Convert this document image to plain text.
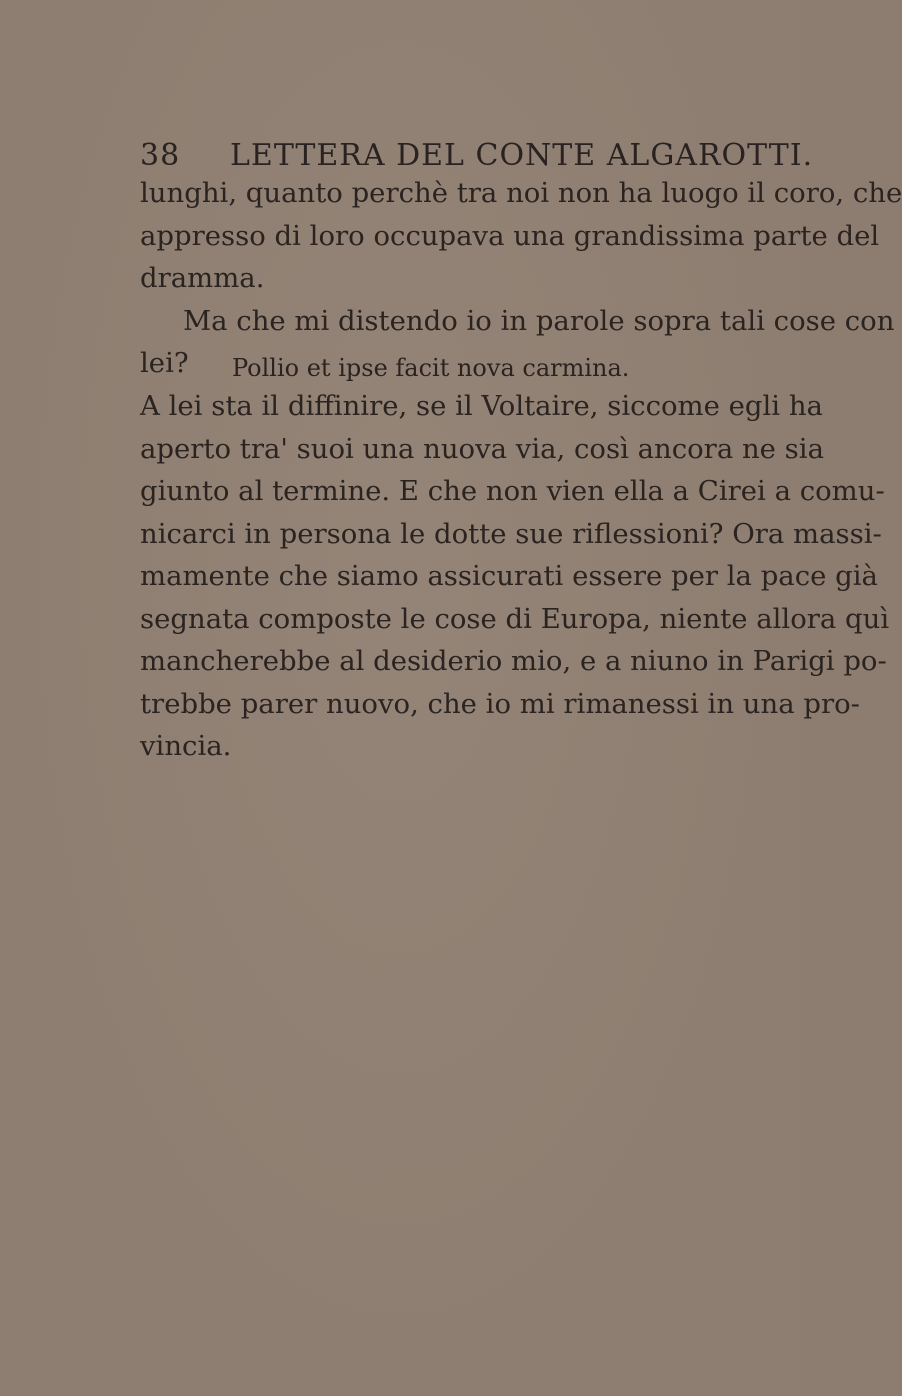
38 LETTERA DEL CONTE ALGAROTTI.
lunghi, quanto perchè tra noi non ha luogo il coro, che
appresso di loro occupava una grandissima parte del
dramma.
Ma che mi distendo io in parole sopra tali cose con
lei?	Pollio et ipse facit nova carmina.
A lei sta il diffinire, se il Voltaire, siccome egli ha
aperto tra' suoi una nuova via, così ancora ne sia
giunto al termine. E che non vien ella a Cirei a comu-
nicarci in persona le dotte sue riflessioni? Ora massi-
mamente che siamo assicurati essere per la pace già
segnata composte le cose di Europa, niente allora quì
mancherebbe al desiderio mio, e a niuno in Parigi po-
trebbe parer nuovo, che io mi rimanessi in una pro-
vincia.
